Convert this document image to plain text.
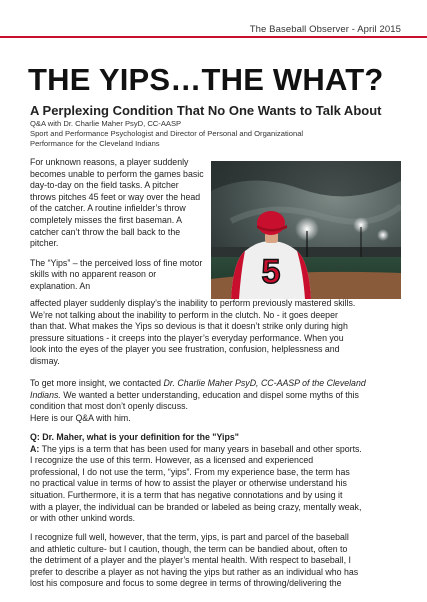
The Baseball Observer - April 2015
THE YIPS…THE WHAT?
A Perplexing Condition That No One Wants to Talk About
Q&A with Dr. Charlie Maher PsyD, CC-AASP
Sport and Performance Psychologist and Director of Personal and Organizational
Performance for the Cleveland Indians
5

For unknown reasons, a player suddenly becomes unable to perform the games basic day-to-day on the field tasks. A pitcher throws pitches 45 feet or way over the head of the catcher. A routine infielder’s throw completely misses the first baseman. A catcher can’t throw the ball back to the pitcher.

The “Yips” – the perceived loss of fine motor skills with no apparent reason or explanation. An

affected player suddenly display’s the inability to perform previously mastered skills.
We’re not talking about the inability to perform in the clutch. No - it goes deeper
than that. What makes the Yips so devious is that it doesn’t strike only during high
pressure situations - it creeps into the player’s everyday performance. When you
look into the eyes of the player you see frustration, confusion, helplessness and
dismay.
To get more insight, we contacted Dr. Charlie Maher PsyD, CC-AASP of the Cleveland
Indians. We wanted a better understanding, education and dispel some myths of this
condition that most don’t openly discuss.
Here is our Q&A with him.
Q: Dr. Maher, what is your definition for the "Yips"
A: The yips is a term that has been used for many years in baseball and other sports.
I recognize the use of this term. However, as a licensed and experienced
professional, I do not use the term, “yips”. From my experience base, the term has
no practical value in terms of how to assist the player or otherwise understand his
situation. Furthermore, it is a term that has negative connotations and by using it
with a player, the individual can be branded or labeled as being crazy, mentally weak,
or with other unkind words.
I recognize full well, however, that the term, yips, is part and parcel of the baseball
and athletic culture- but I caution, though, the term can be bandied about, often to
the detriment of a player and the player’s mental health. With respect to baseball, I
prefer to describe a player as not having the yips but rather as an individual who has
lost his composure and focus to some degree in terms of throwing/delivering the
